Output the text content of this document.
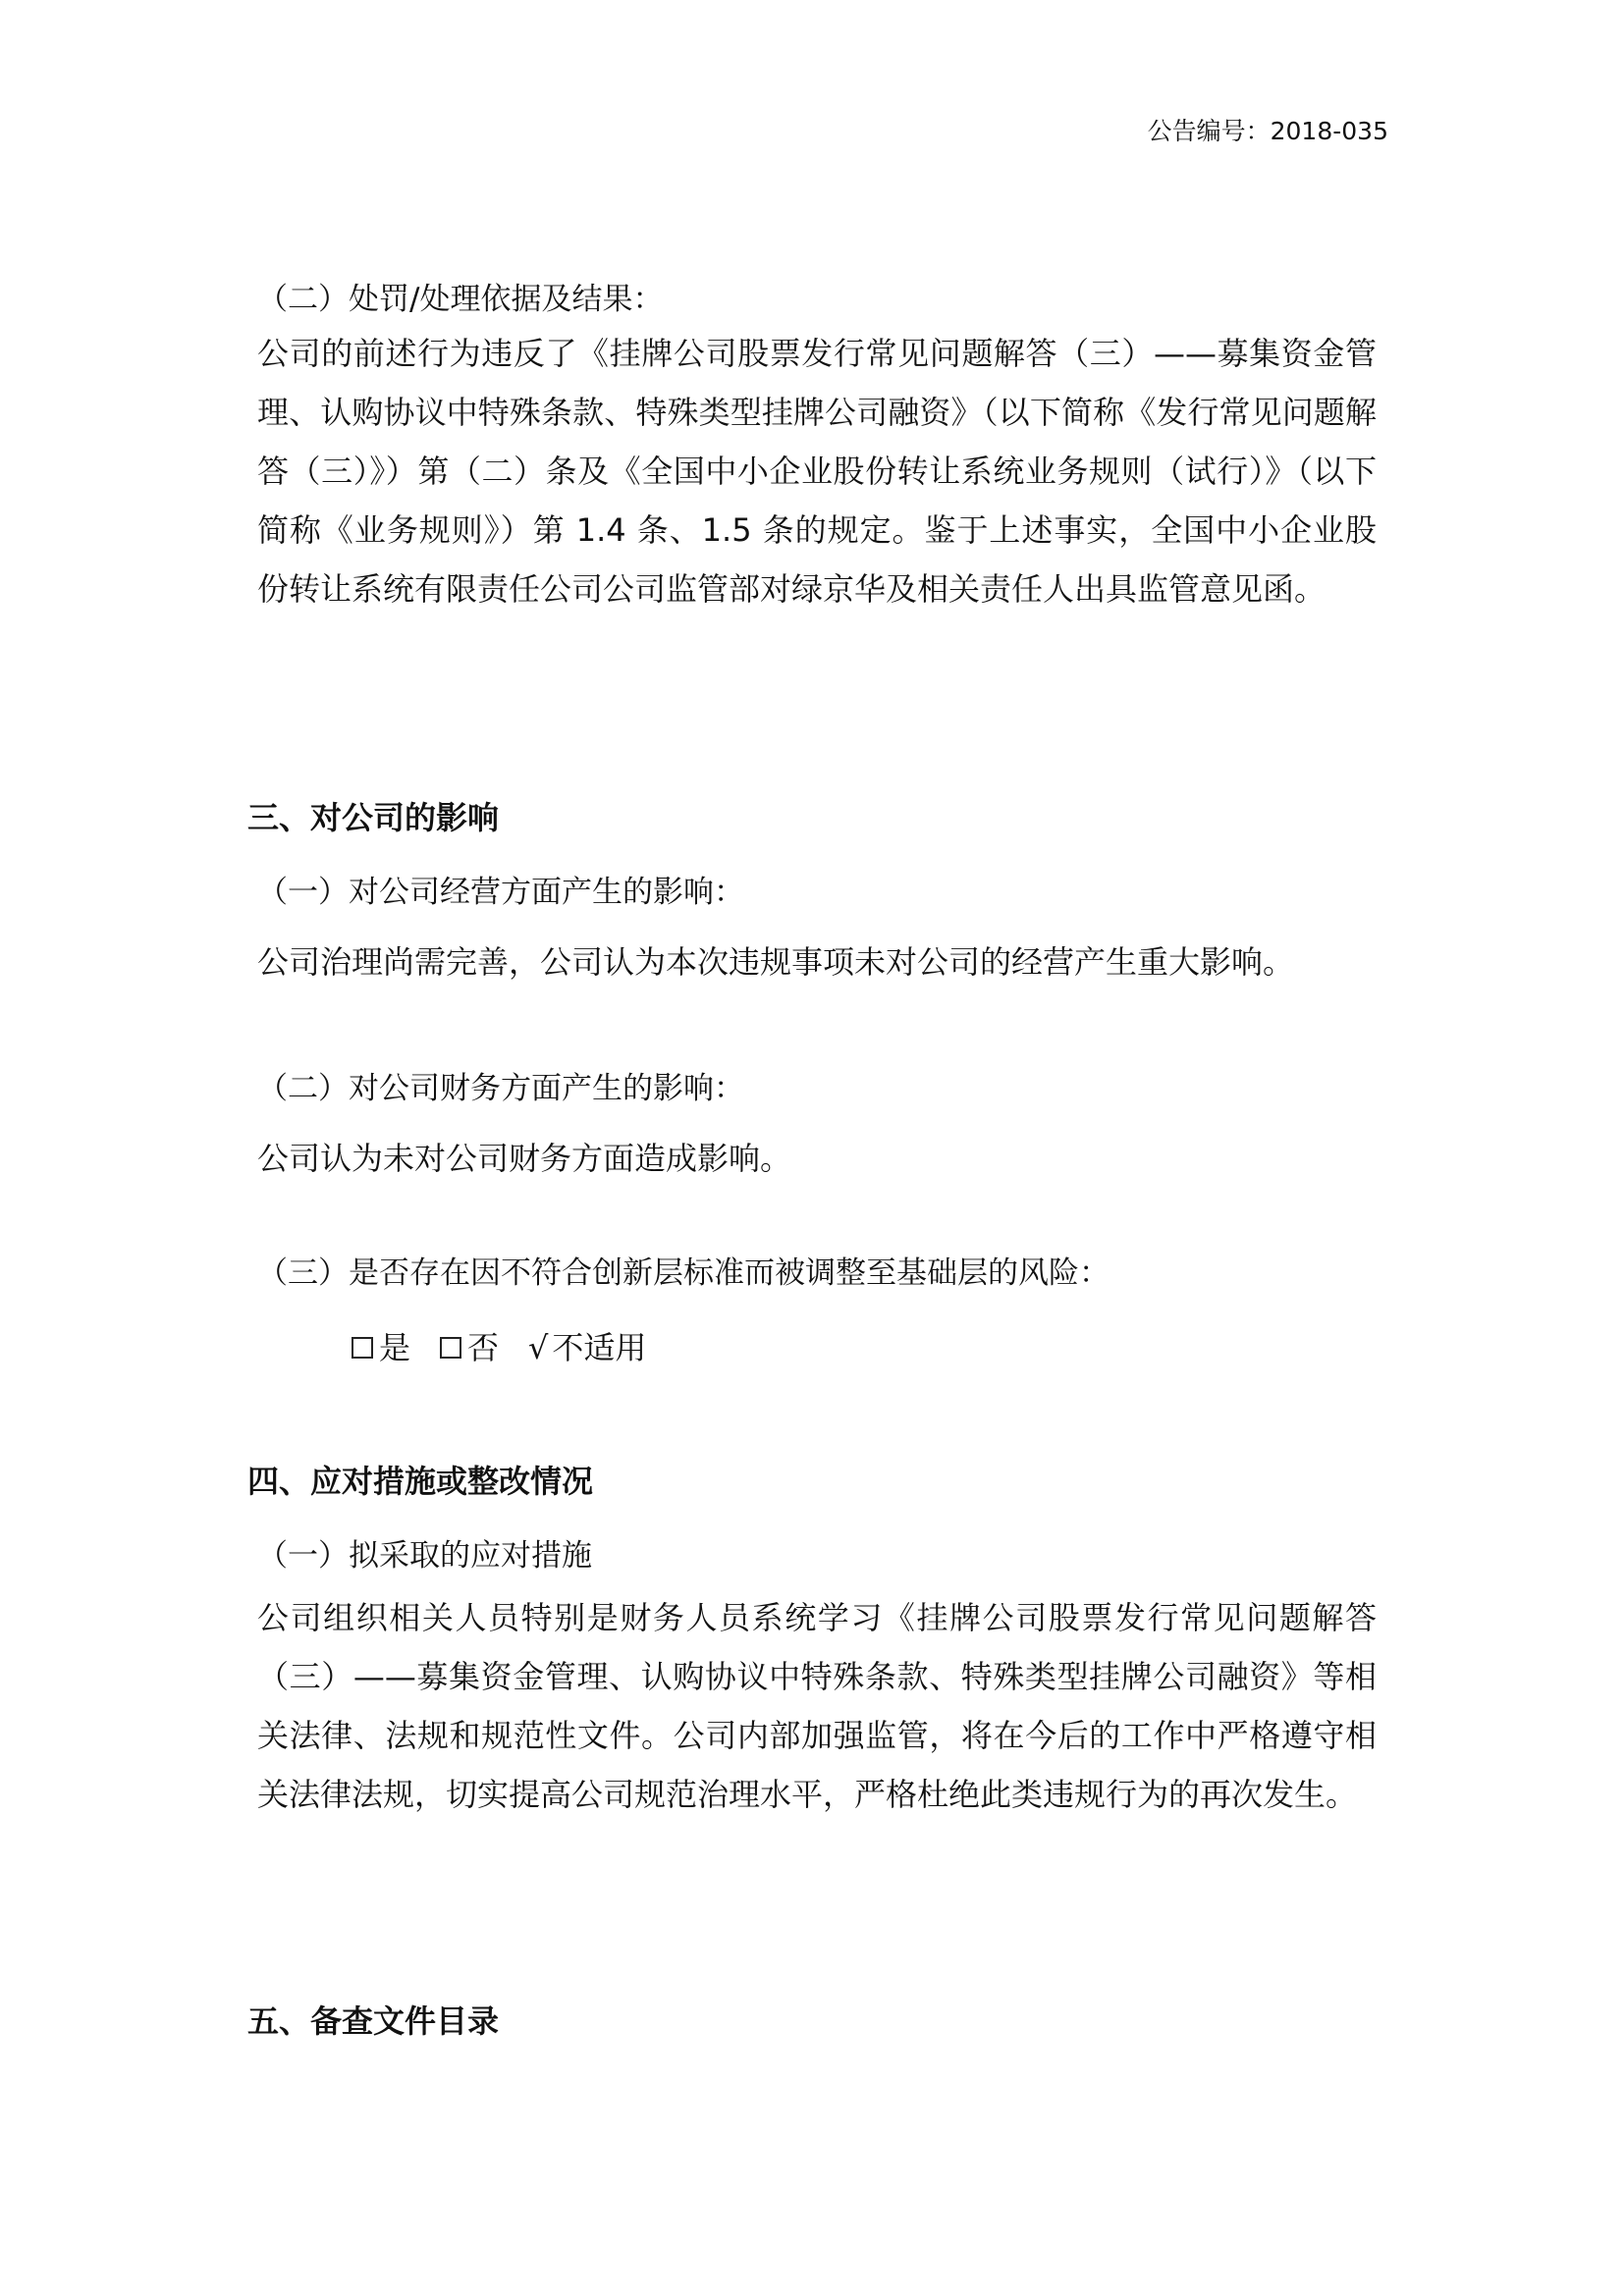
公告编号：2018-035
（二）处罚/处理依据及结果：

公司的前述行为违反了《挂牌公司股票发行常见问题解答（三）——募集资金管理、认购协议中特殊条款、特殊类型挂牌公司融资》（以下简称《发行常见问题解答（三）》）第（二）条及《全国中小企业股份转让系统业务规则（试行）》（以下简称《业务规则》）第 1.4 条、1.5 条的规定。鉴于上述事实，全国中小企业股份转让系统有限责任公司公司监管部对绿京华及相关责任人出具监管意见函。

三、对公司的影响
（一）对公司经营方面产生的影响：

公司治理尚需完善，公司认为本次违规事项未对公司的经营产生重大影响。

（二）对公司财务方面产生的影响：

公司认为未对公司财务方面造成影响。

（三）是否存在因不符合创新层标准而被调整至基础层的风险：
是 否 √ 不适用
四、应对措施或整改情况
（一）拟采取的应对措施

公司组织相关人员特别是财务人员系统学习《挂牌公司股票发行常见问题解答（三）——募集资金管理、认购协议中特殊条款、特殊类型挂牌公司融资》等相关法律、法规和规范性文件。公司内部加强监管，将在今后的工作中严格遵守相关法律法规，切实提高公司规范治理水平，严格杜绝此类违规行为的再次发生。

五、备查文件目录
